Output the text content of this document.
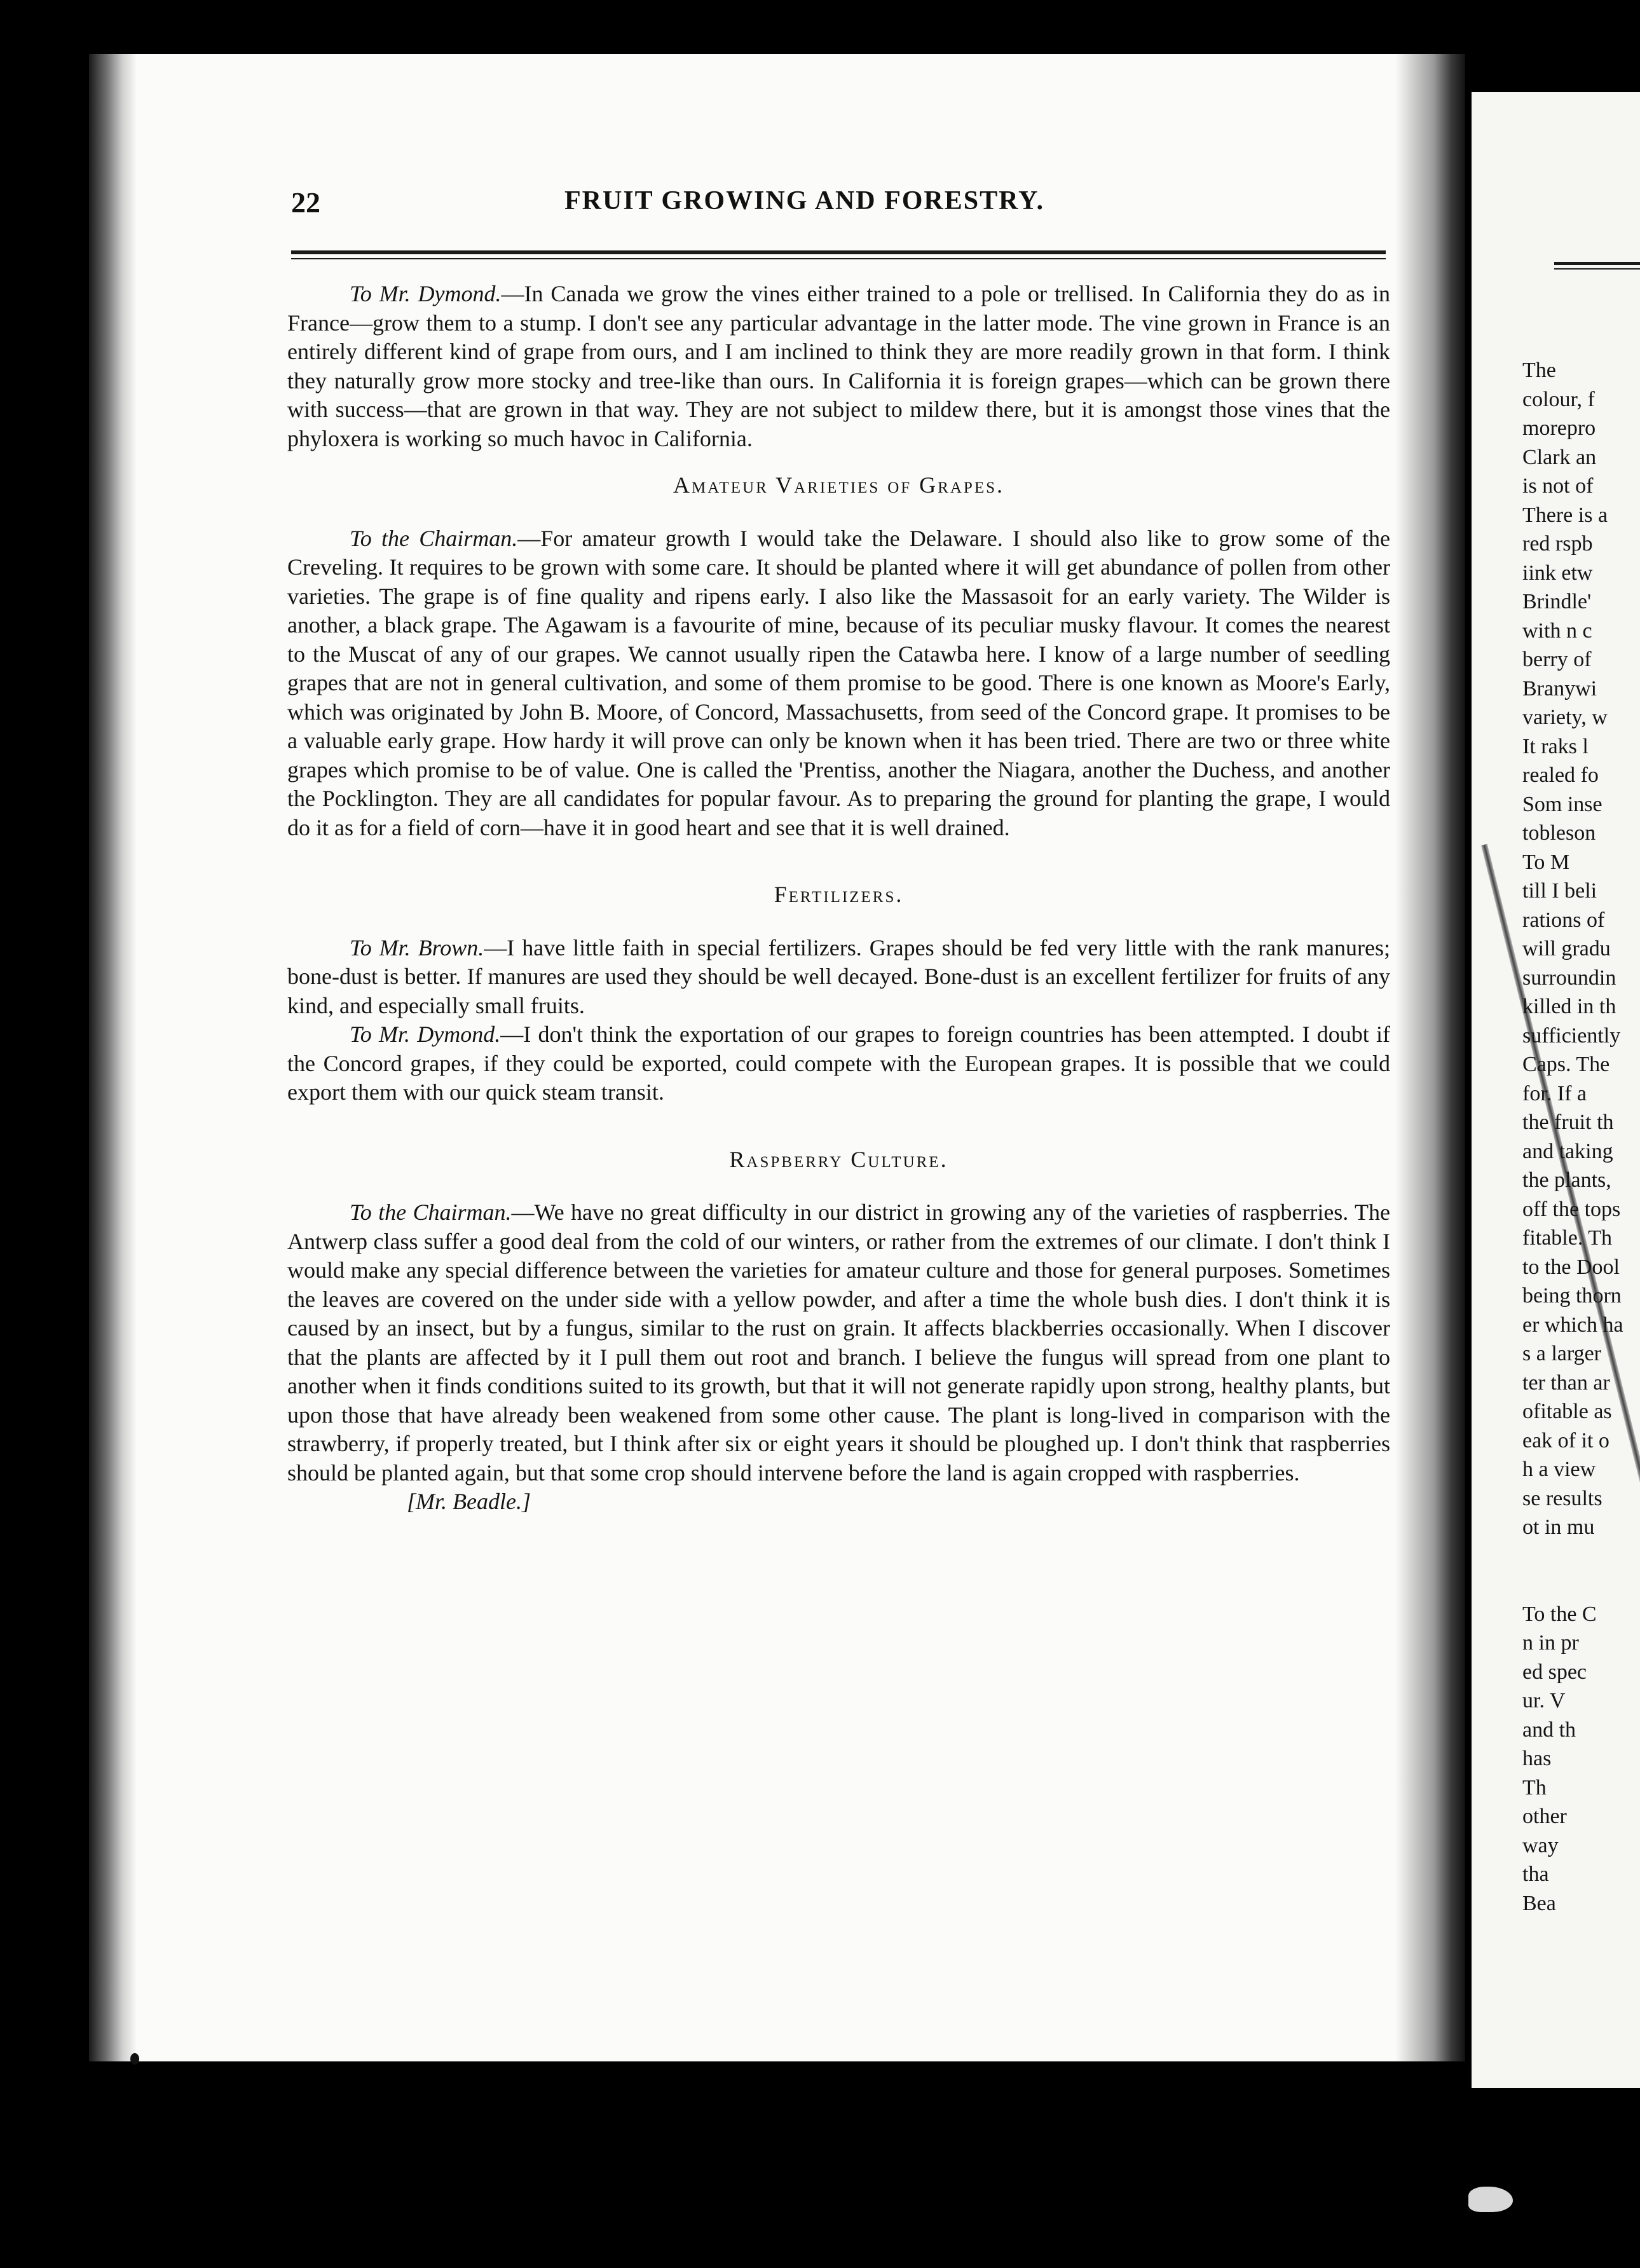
22	FRUIT GROWING AND FORESTRY.

To Mr. Dymond.—In Canada we grow the vines either trained to a pole or trellised. In California they do as in France—grow them to a stump. I don't see any particular advantage in the latter mode. The vine grown in France is an entirely different kind of grape from ours, and I am inclined to think they are more readily grown in that form. I think they naturally grow more stocky and tree-like than ours. In California it is foreign grapes—which can be grown there with success—that are grown in that way. They are not subject to mildew there, but it is amongst those vines that the phyloxera is working so much havoc in California.

Amateur Varieties of Grapes.

To the Chairman.—For amateur growth I would take the Delaware. I should also like to grow some of the Creveling. It requires to be grown with some care. It should be planted where it will get abundance of pollen from other varieties. The grape is of fine quality and ripens early. I also like the Massasoit for an early variety. The Wilder is another, a black grape. The Agawam is a favourite of mine, because of its peculiar musky flavour. It comes the nearest to the Muscat of any of our grapes. We cannot usually ripen the Catawba here. I know of a large number of seedling grapes that are not in general cultivation, and some of them promise to be good. There is one known as Moore's Early, which was originated by John B. Moore, of Concord, Massachusetts, from seed of the Concord grape. It promises to be a valuable early grape. How hardy it will prove can only be known when it has been tried. There are two or three white grapes which promise to be of value. One is called the 'Prentiss, another the Niagara, another the Duchess, and another the Pocklington. They are all candidates for popular favour. As to preparing the ground for planting the grape, I would do it as for a field of corn—have it in good heart and see that it is well drained.

Fertilizers.

To Mr. Brown.—I have little faith in special fertilizers. Grapes should be fed very little with the rank manures; bone-dust is better. If manures are used they should be well decayed. Bone-dust is an excellent fertilizer for fruits of any kind, and especially small fruits.

To Mr. Dymond.—I don't think the exportation of our grapes to foreign countries has been attempted. I doubt if the Concord grapes, if they could be exported, could compete with the European grapes. It is possible that we could export them with our quick steam transit.

Raspberry Culture.

To the Chairman.—We have no great difficulty in our district in growing any of the varieties of raspberries. The Antwerp class suffer a good deal from the cold of our winters, or rather from the extremes of our climate. I don't think I would make any special difference between the varieties for amateur culture and those for general purposes. Sometimes the leaves are covered on the under side with a yellow powder, and after a time the whole bush dies. I don't think it is caused by an insect, but by a fungus, similar to the rust on grain. It affects blackberries occasionally. When I discover that the plants are affected by it I pull them out root and branch. I believe the fungus will spread from one plant to another when it finds conditions suited to its growth, but that it will not generate rapidly upon strong, healthy plants, but upon those that have already been weakened from some other cause. The plant is long-lived in comparison with the strawberry, if properly treated, but I think after six or eight years it should be ploughed up. I don't think that raspberries should be planted again, but that some crop should intervene before the land is again cropped with raspberries.

[Mr. Beadle.]

The
colour, f
morepro
Clark an
is not of
There is a
red rspb
iink etw
Brindle'
with n c
berry of
Branywi
variety, w
It raks l
realed fo
Som inse
tobleson
To M
till I beli
rations of
will gradu
surroundin
killed in th
sufficiently
Caps. The
for. If a
the fruit th
and taking
the plants,
off the tops
fitable. Th
to the Dool
being thorn
er which ha
s a larger
ter than ar
ofitable as
eak of it o
h a view
se results
ot in mu
To the C
n in pr
ed spec
ur. V
and th
has
Th
other
way
tha
Bea
